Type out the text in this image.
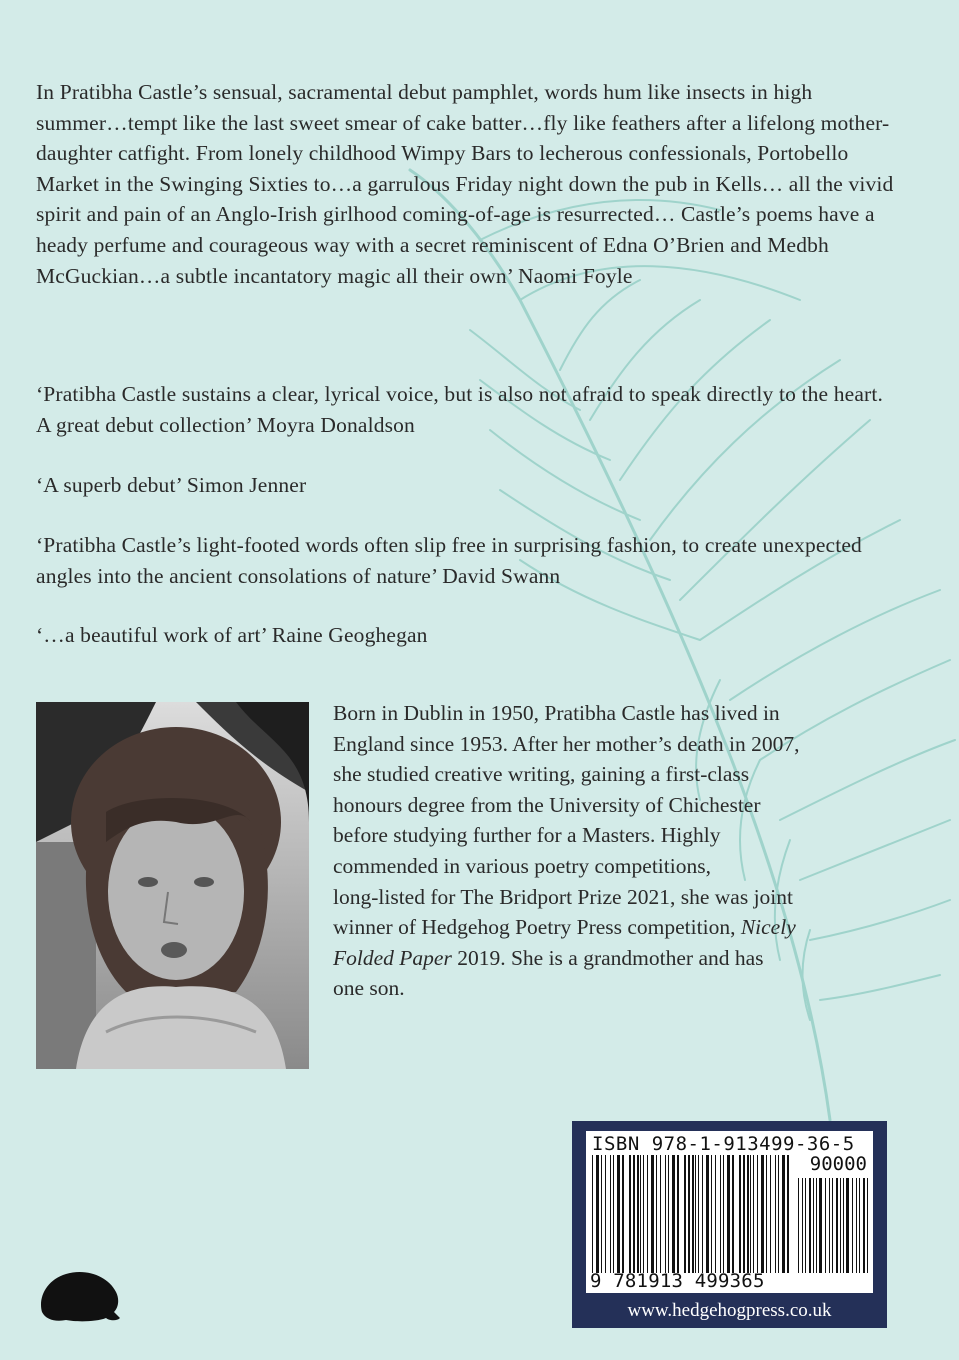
In Pratibha Castle’s sensual, sacramental debut pamphlet, words hum like insects in high summer…tempt like the last sweet smear of cake batter…fly like feathers after a lifelong mother-daughter catfight. From lonely childhood Wimpy Bars to lecherous confessionals, Portobello Market in the Swinging Sixties to…a garrulous Friday night down the pub in Kells… all the vivid spirit and pain of an Anglo-Irish girlhood coming-of-age is resurrected… Castle’s poems have a heady perfume and courageous way with a secret reminiscent of Edna O’Brien and Medbh McGuckian…a subtle incantatory magic all their own’ Naomi Foyle

‘Pratibha Castle sustains a clear, lyrical voice, but is also not afraid to speak directly to the heart. A great debut collection’ Moyra Donaldson

‘A superb debut’ Simon Jenner

‘Pratibha Castle’s light-footed words often slip free in surprising fashion, to create unexpected angles into the ancient consolations of nature’ David Swann

‘…a beautiful work of art’ Raine Geoghegan

Born in Dublin in 1950, Pratibha Castle has lived in
England since 1953. After her mother’s death in 2007,
she studied creative writing, gaining a first-class
honours degree from the University of Chichester
before studying further for a Masters. Highly
commended in various poetry competitions,
long-listed for The Bridport Prize 2021, she was joint
winner of Hedgehog Poetry Press competition, Nicely
Folded Paper 2019. She is a grandmother and has
one son.
ISBN 978-1-913499-36-5
90000
9 781913 499365
www.hedgehogpress.co.uk
